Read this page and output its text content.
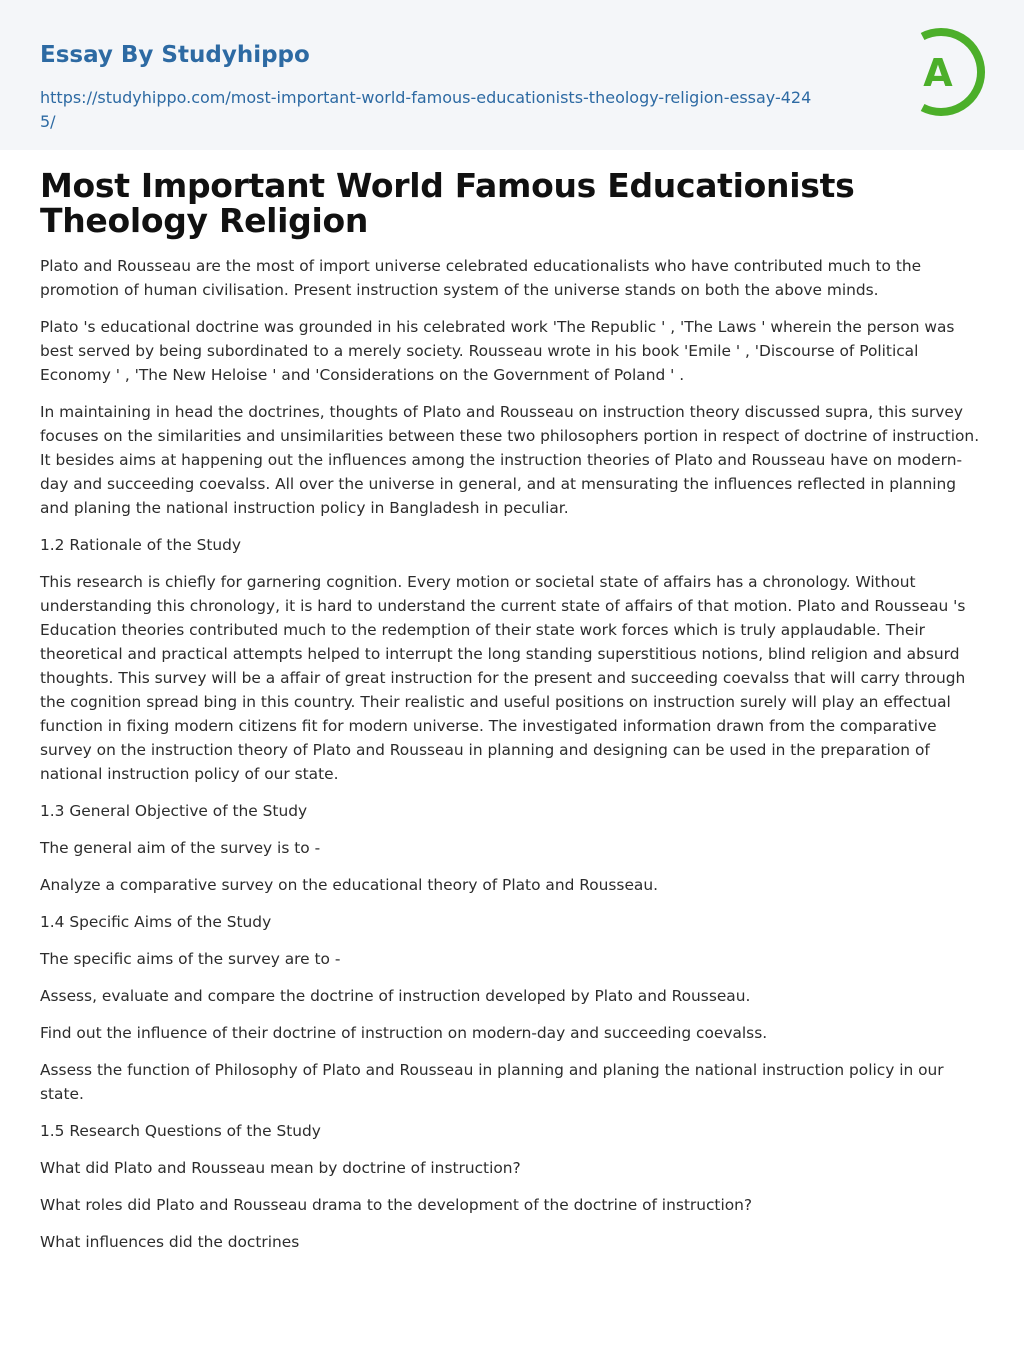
Essay By Studyhippo
https://studyhippo.com/most-important-world-famous-educationists-theology-religion-essay-4245/
A
Most Important World Famous Educationists Theology Religion

Plato and Rousseau are the most of import universe celebrated educationalists who have contributed much to the promotion of human civilisation. Present instruction system of the universe stands on both the above minds.

Plato 's educational doctrine was grounded in his celebrated work 'The Republic ' , 'The Laws ' wherein the person was best served by being subordinated to a merely society. Rousseau wrote in his book 'Emile ' , 'Discourse of Political Economy ' , 'The New Heloise ' and 'Considerations on the Government of Poland ' .

In maintaining in head the doctrines, thoughts of Plato and Rousseau on instruction theory discussed supra, this survey focuses on the similarities and unsimilarities between these two philosophers portion in respect of doctrine of instruction. It besides aims at happening out the influences among the instruction theories of Plato and Rousseau have on modern-day and succeeding coevalss. All over the universe in general, and at mensurating the influences reflected in planning and planing the national instruction policy in Bangladesh in peculiar.

1.2 Rationale of the Study

This research is chiefly for garnering cognition. Every motion or societal state of affairs has a chronology. Without understanding this chronology, it is hard to understand the current state of affairs of that motion. Plato and Rousseau 's Education theories contributed much to the redemption of their state work forces which is truly applaudable. Their theoretical and practical attempts helped to interrupt the long standing superstitious notions, blind religion and absurd thoughts. This survey will be a affair of great instruction for the present and succeeding coevalss that will carry through the cognition spread bing in this country. Their realistic and useful positions on instruction surely will play an effectual function in fixing modern citizens fit for modern universe. The investigated information drawn from the comparative survey on the instruction theory of Plato and Rousseau in planning and designing can be used in the preparation of national instruction policy of our state.

1.3 General Objective of the Study

The general aim of the survey is to -

Analyze a comparative survey on the educational theory of Plato and Rousseau.

1.4 Specific Aims of the Study

The specific aims of the survey are to -

Assess, evaluate and compare the doctrine of instruction developed by Plato and Rousseau.

Find out the influence of their doctrine of instruction on modern-day and succeeding coevalss.

Assess the function of Philosophy of Plato and Rousseau in planning and planing the national instruction policy in our state.

1.5 Research Questions of the Study

What did Plato and Rousseau mean by doctrine of instruction?

What roles did Plato and Rousseau drama to the development of the doctrine of instruction?

What influences did the doctrines
